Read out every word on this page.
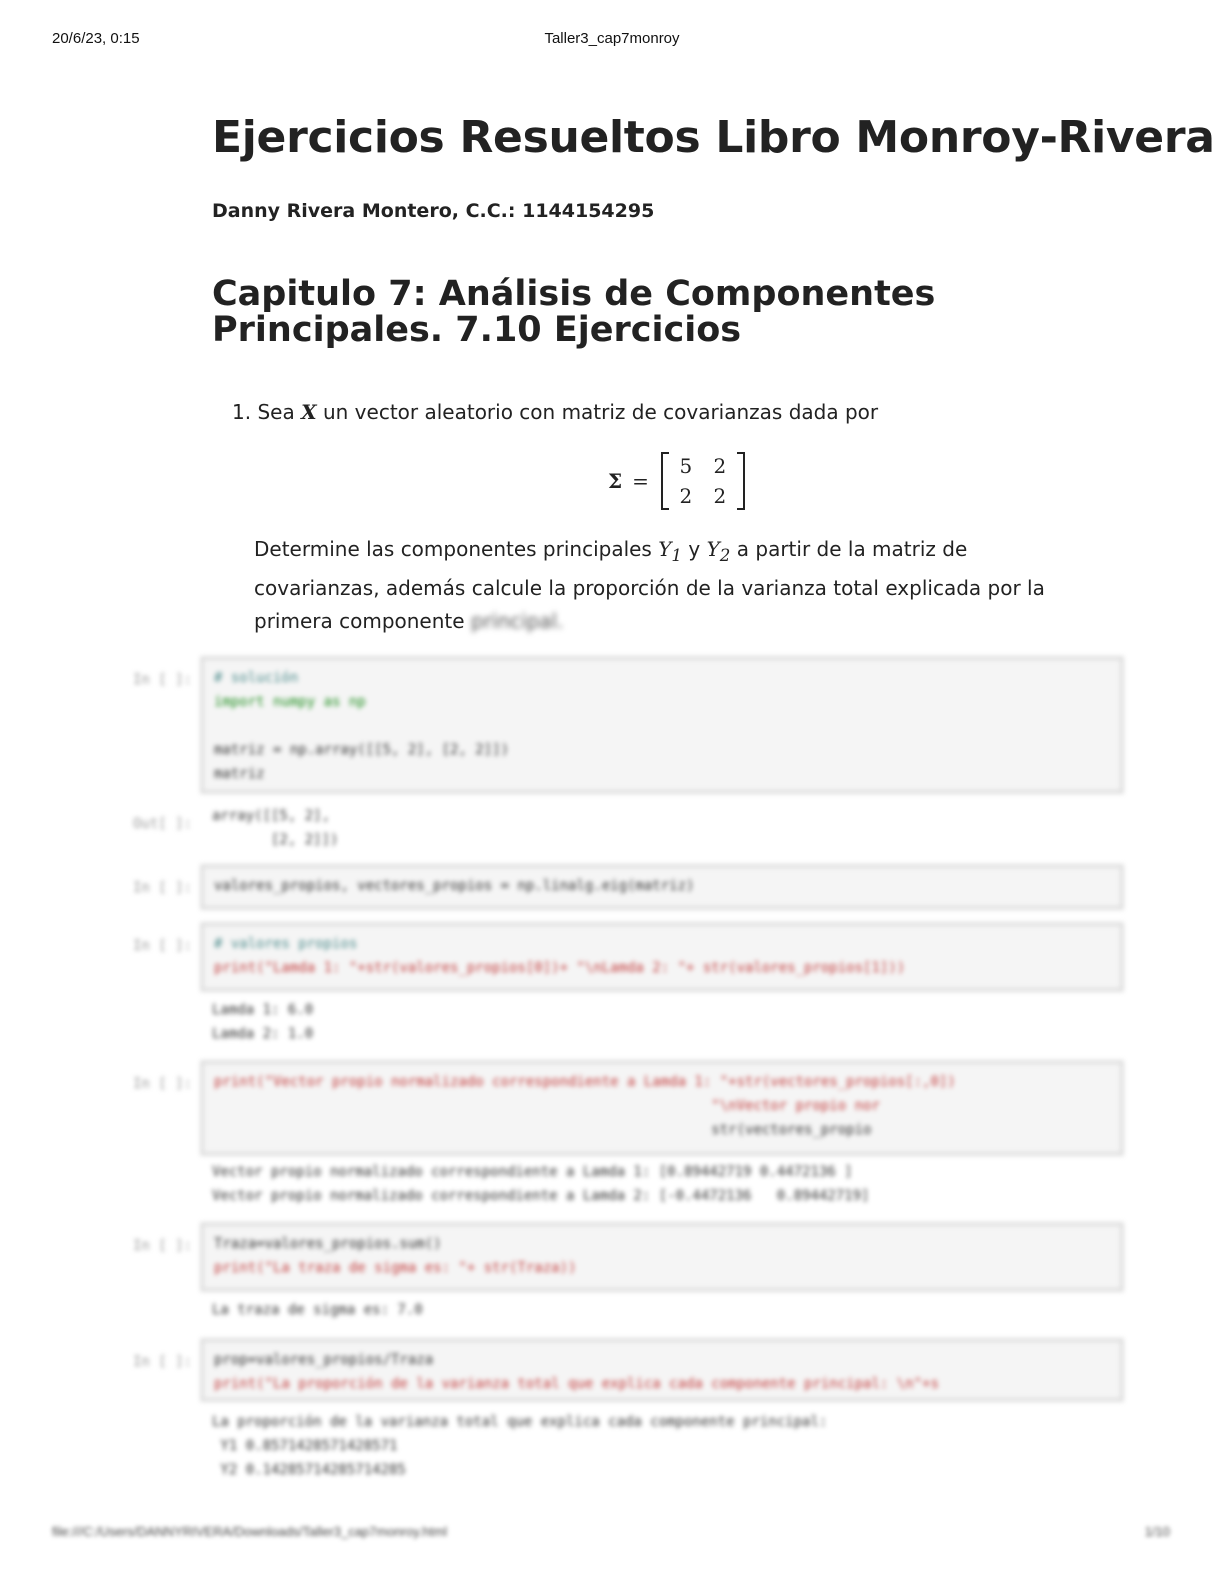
20/6/23, 0:15	Taller3_cap7monroy
Ejercicios Resueltos Libro Monroy-Rivera
Danny Rivera Montero, C.C.: 1144154295
Capitulo 7: Análisis de Componentes Principales. 7.10 Ejercicios
1. Sea X un vector aleatorio con matriz de covarianzas dada por
Σ =
5	2
2	2
Determine las componentes principales $Y_1$ y $Y_2$ a partir de la matriz de covarianzas, además calcule la proporción de la varianza total explicada por la primera componente principal.
In [ ]: # solución
import numpy as np

matriz = np.array([[5, 2], [2, 2]])
matriz
Out[ ]: array([[5, 2],
[2, 2]])
In [ ]: valores_propios, vectores_propios = np.linalg.eig(matriz)
In [ ]: # valores propios
print("Lamda 1: "+str(valores_propios[0])+ "\nLamda 2: "+ str(valores_propios[1]))
Lamda 1: 6.0
Lamda 2: 1.0
In [ ]: print("Vector propio normalizado correspondiente a Lamda 1: "+str(vectores_propios[:,0])
"\nVector propio nor
str(vectores_propio
Vector propio normalizado correspondiente a Lamda 1: [0.89442719 0.4472136 ]
Vector propio normalizado correspondiente a Lamda 2: [-0.4472136   0.89442719]
In [ ]: Traza=valores_propios.sum()
print("La traza de sigma es: "+ str(Traza))
La traza de sigma es: 7.0
In [ ]: prop=valores_propios/Traza
print("La proporción de la varianza total que explica cada componente principal: \n"+s
La proporción de la varianza total que explica cada componente principal:
Y1 0.8571428571428571
Y2 0.14285714285714285
file:///C:/Users/DANNYRIVERA/Downloads/Taller3_cap7monroy.html	1/10
